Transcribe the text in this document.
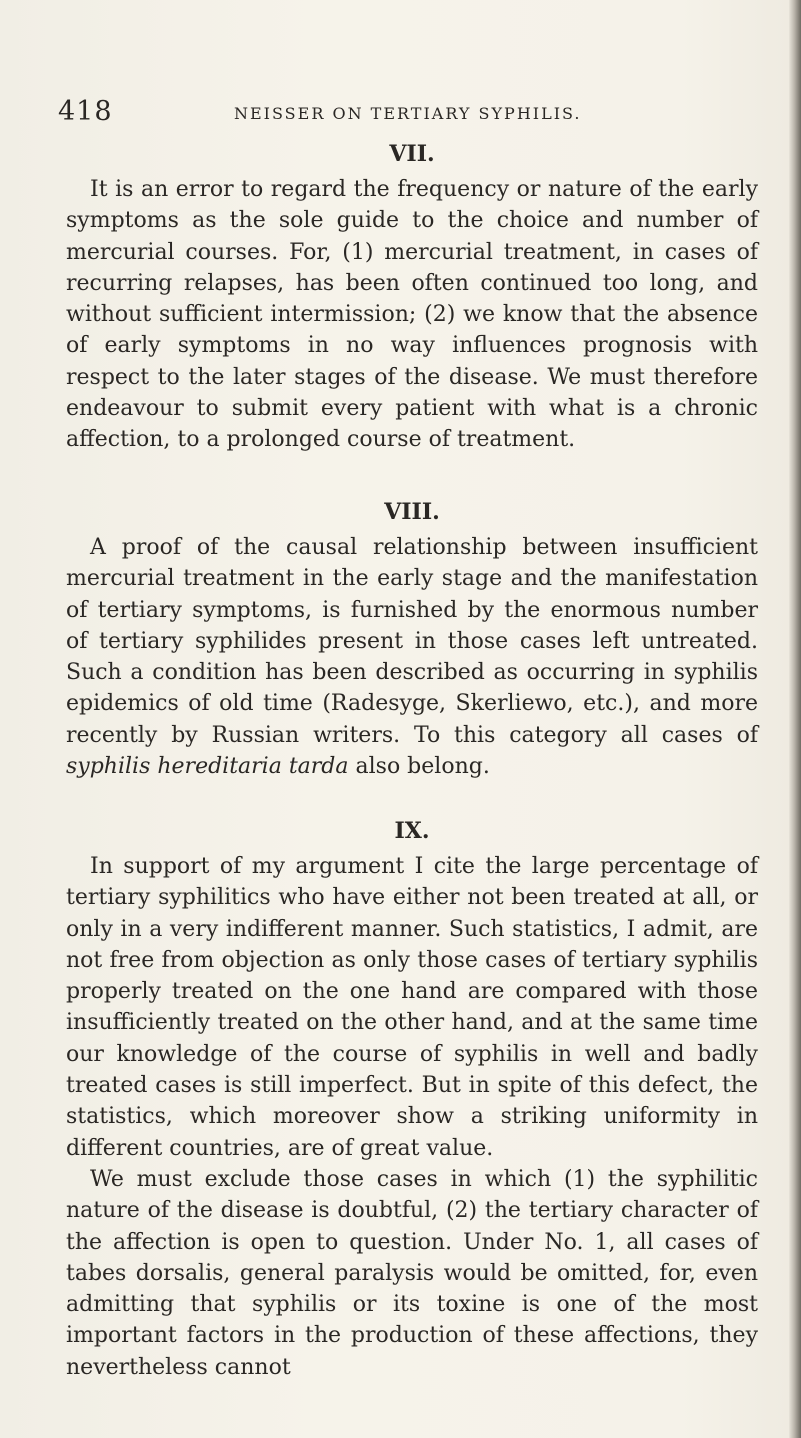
418	NEISSER ON TERTIARY SYPHILIS.
VII.

It is an error to regard the frequency or nature of the early symptoms as the sole guide to the choice and number of mercurial courses. For, (1) mercurial treatment, in cases of recurring relapses, has been often continued too long, and without sufficient intermission; (2) we know that the absence of early symptoms in no way influences prognosis with respect to the later stages of the disease. We must therefore endeavour to submit every patient with what is a chronic affection, to a prolonged course of treatment.

VIII.

A proof of the causal relationship between insufficient mercurial treatment in the early stage and the manifestation of tertiary symptoms, is furnished by the enormous number of tertiary syphilides present in those cases left untreated. Such a condition has been described as occurring in syphilis epidemics of old time (Radesyge, Skerliewo, etc.), and more recently by Russian writers. To this category all cases of syphilis hereditaria tarda also belong.

IX.

In support of my argument I cite the large percentage of tertiary syphilitics who have either not been treated at all, or only in a very indifferent manner. Such statistics, I admit, are not free from objection as only those cases of tertiary syphilis properly treated on the one hand are compared with those insufficiently treated on the other hand, and at the same time our knowledge of the course of syphilis in well and badly treated cases is still imperfect. But in spite of this defect, the statistics, which moreover show a striking uniformity in different countries, are of great value.

We must exclude those cases in which (1) the syphilitic nature of the disease is doubtful, (2) the tertiary character of the affection is open to question. Under No. 1, all cases of tabes dorsalis, general paralysis would be omitted, for, even admitting that syphilis or its toxine is one of the most important factors in the production of these affections, they nevertheless cannot
